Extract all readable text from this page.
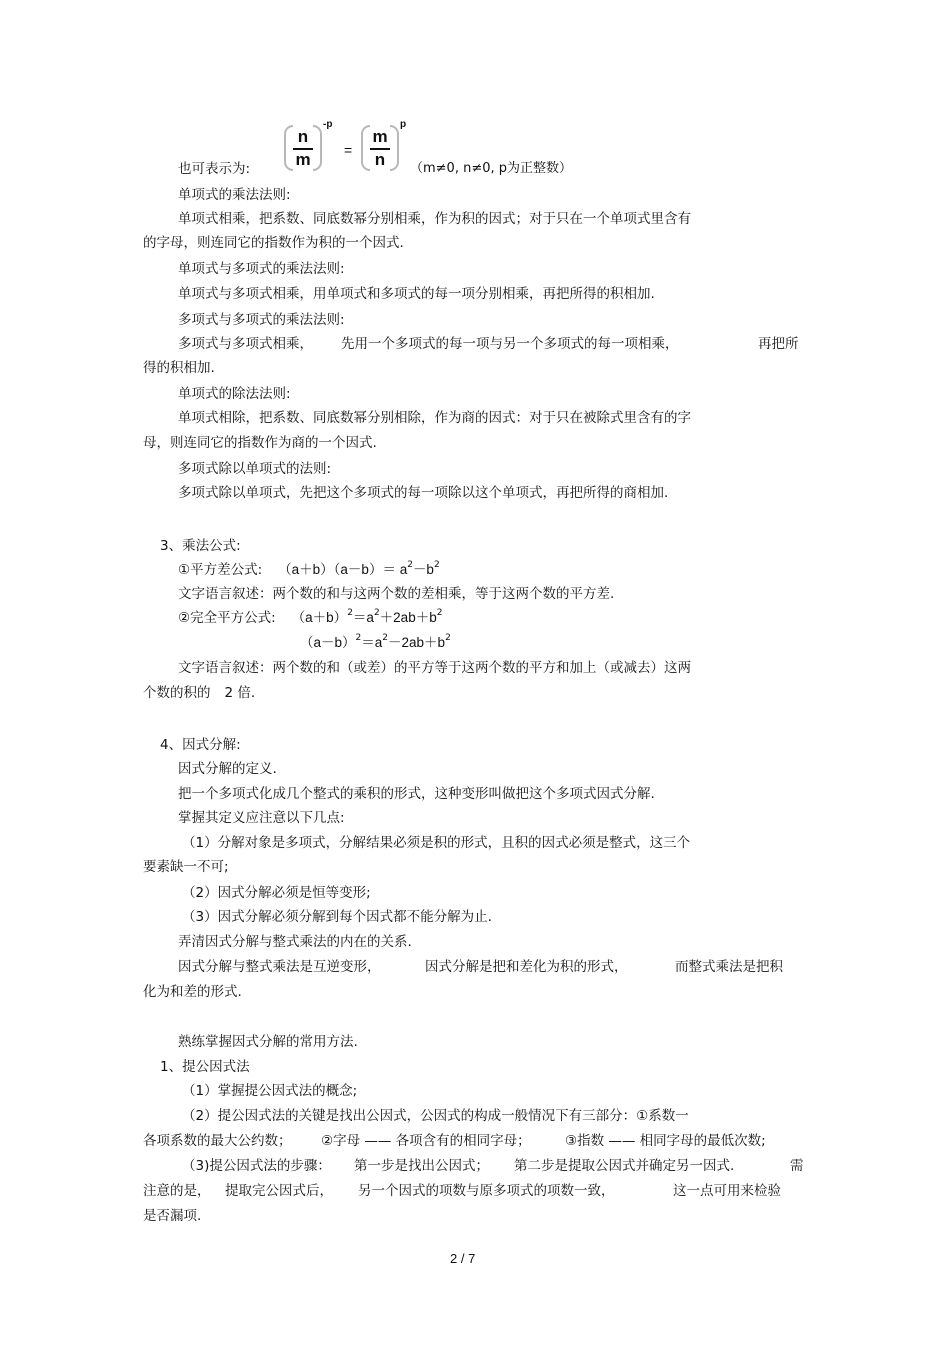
也可表示为:
n
m
-p
=
m
n
p
（m≠0, n≠0, p为正整数）
单项式的乘法法则:
单项式相乘，把系数、同底数幂分别相乘，作为积的因式；对于只在一个单项式里含有
的字母，则连同它的指数作为积的一个因式.
单项式与多项式的乘法法则:
单项式与多项式相乘，用单项式和多项式的每一项分别相乘，再把所得的积相加.
多项式与多项式的乘法法则:
多项式与多项式相乘， 先用一个多项式的每一项与另一个多项式的每一项相乘，	再把所
得的积相加.
单项式的除法法则:
单项式相除，把系数、同底数幂分别相除，作为商的因式：对于只在被除式里含有的字
母，则连同它的指数作为商的一个因式.
多项式除以单项式的法则:
多项式除以单项式，先把这个多项式的每一项除以这个单项式，再把所得的商相加.
3、乘法公式:
①平方差公式: $(a+b)(a-b)= a^2-b^2$
文字语言叙述：两个数的和与这两个数的差相乘，等于这两个数的平方差.
②完全平方公式: $(a+b)^2=a^2+2ab+b^2$
$(a-b)^2=a^2-2ab+b^2$
文字语言叙述：两个数的和（或差）的平方等于这两个数的平方和加上（或减去）这两
个数的积的 2 倍.
4、因式分解:
因式分解的定义.
把一个多项式化成几个整式的乘积的形式，这种变形叫做把这个多项式因式分解.
掌握其定义应注意以下几点:
（1）分解对象是多项式，分解结果必须是积的形式，且积的因式必须是整式，这三个
要素缺一不可;
（2）因式分解必须是恒等变形;
（3）因式分解必须分解到每个因式都不能分解为止.
弄清因式分解与整式乘法的内在的关系.
因式分解与整式乘法是互逆变形，	因式分解是把和差化为积的形式，	而整式乘法是把积
化为和差的形式.
熟练掌握因式分解的常用方法.
1、提公因式法
（1）掌握提公因式法的概念;
（2）提公因式法的关键是找出公因式，公因式的构成一般情况下有三部分：①系数一
各项系数的最大公约数； ②字母 —— 各项含有的相同字母；	③指数 —— 相同字母的最低次数;
（3)提公因式法的步骤： 第一步是找出公因式； 第二步是提取公因式并确定另一因式.	需
注意的是， 提取完公因式后， 另一个因式的项数与原多项式的项数一致，	这一点可用来检验
是否漏项.
2 / 7
